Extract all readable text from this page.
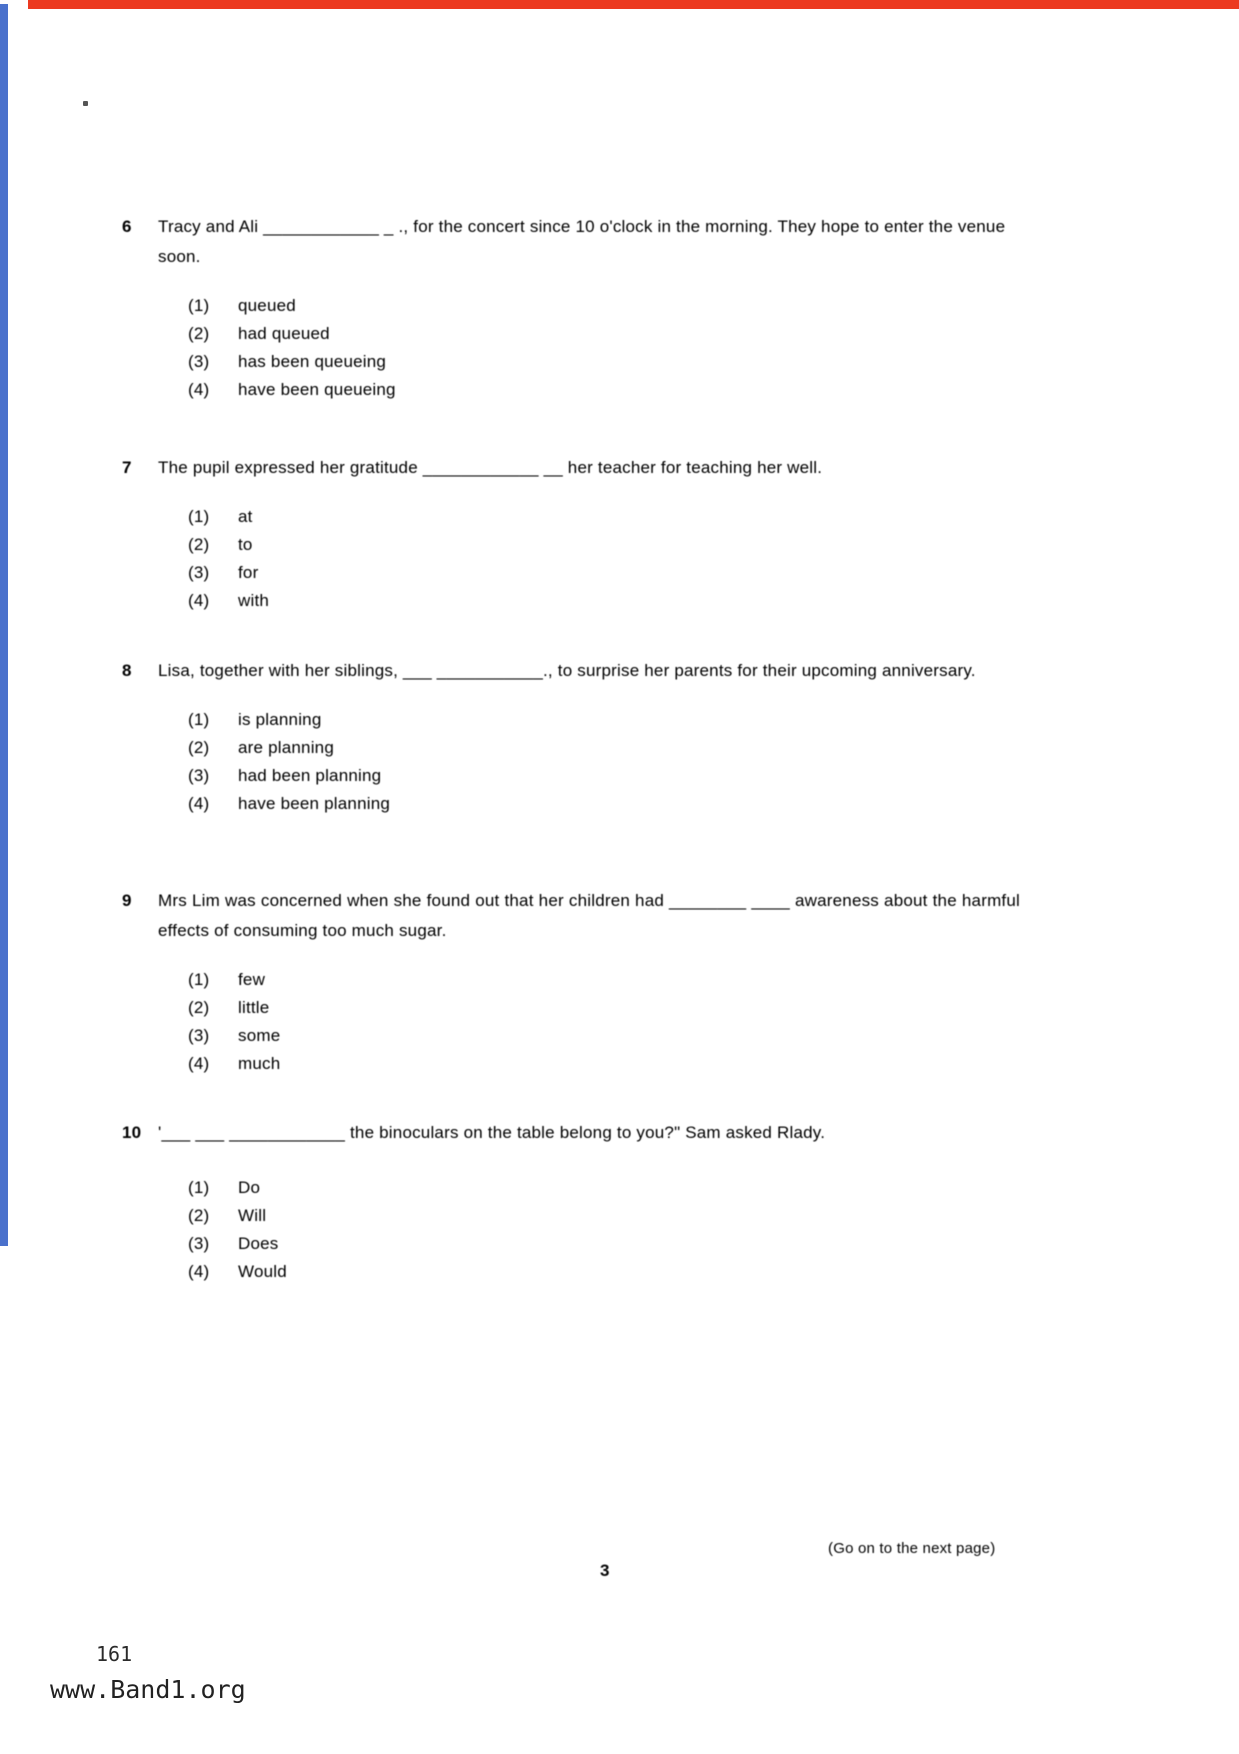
6	Tracy and Ali ____________ _ ., for the concert since 10 o'clock in the morning. They hope to enter the venue soon.
(1)	queued
(2)	had queued
(3)	has been queueing
(4)	have been queueing
7	The pupil expressed her gratitude ____________ __ her teacher for teaching her well.
(1)	at
(2)	to
(3)	for
(4)	with
8	Lisa, together with her siblings, ___ ___________., to surprise her parents for their upcoming anniversary.
(1)	is planning
(2)	are planning
(3)	had been planning
(4)	have been planning
9	Mrs Lim was concerned when she found out that her children had ________ ____ awareness about the harmful effects of consuming too much sugar.
(1)	few
(2)	little
(3)	some
(4)	much
10 '___ ___ ____________ the binoculars on the table belong to you?" Sam asked Rlady.
(1)	Do
(2)	Will
(3)	Does
(4)	Would
(Go on to the next page)
3
161
www.Band1.org
